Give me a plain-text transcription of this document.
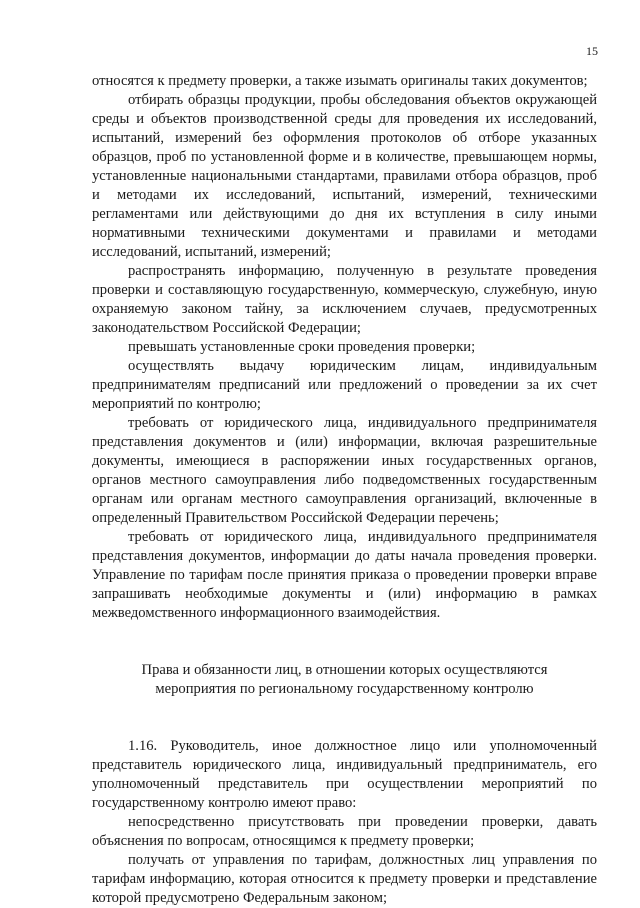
15

относятся к предмету проверки, а также изымать оригиналы таких документов;

отбирать образцы продукции, пробы обследования объектов окружающей среды и объектов производственной среды для проведения их исследований, испытаний, измерений без оформления протоколов об отборе указанных образцов, проб по установленной форме и в количестве, превышающем нормы, установленные национальными стандартами, правилами отбора образцов, проб и методами их исследований, испытаний, измерений, техническими регламентами или действующими до дня их вступления в силу иными нормативными техническими документами и правилами и методами исследований, испытаний, измерений;

распространять информацию, полученную в результате проведения проверки и составляющую государственную, коммерческую, служебную, иную охраняемую законом тайну, за исключением случаев, предусмотренных законодательством Российской Федерации;

превышать установленные сроки проведения проверки;

осуществлять выдачу юридическим лицам, индивидуальным предпринимателям предписаний или предложений о проведении за их счет мероприятий по контролю;

требовать от юридического лица, индивидуального предпринимателя представления документов и (или) информации, включая разрешительные документы, имеющиеся в распоряжении иных государственных органов, органов местного самоуправления либо подведомственных государственным органам или органам местного самоуправления организаций, включенные в определенный Правительством Российской Федерации перечень;

требовать от юридического лица, индивидуального предпринимателя представления документов, информации до даты начала проведения проверки. Управление по тарифам после принятия приказа о проведении проверки вправе запрашивать необходимые документы и (или) информацию в рамках межведомственного информационного взаимодействия.

Права и обязанности лиц, в отношении которых осуществляются
мероприятия по региональному государственному контролю

1.16. Руководитель, иное должностное лицо или уполномоченный представитель юридического лица, индивидуальный предприниматель, его уполномоченный представитель при осуществлении мероприятий по государственному контролю имеют право:

непосредственно присутствовать при проведении проверки, давать объяснения по вопросам, относящимся к предмету проверки;

получать от управления по тарифам, должностных лиц управления по тарифам информацию, которая относится к предмету проверки и представление которой предусмотрено Федеральным законом;
